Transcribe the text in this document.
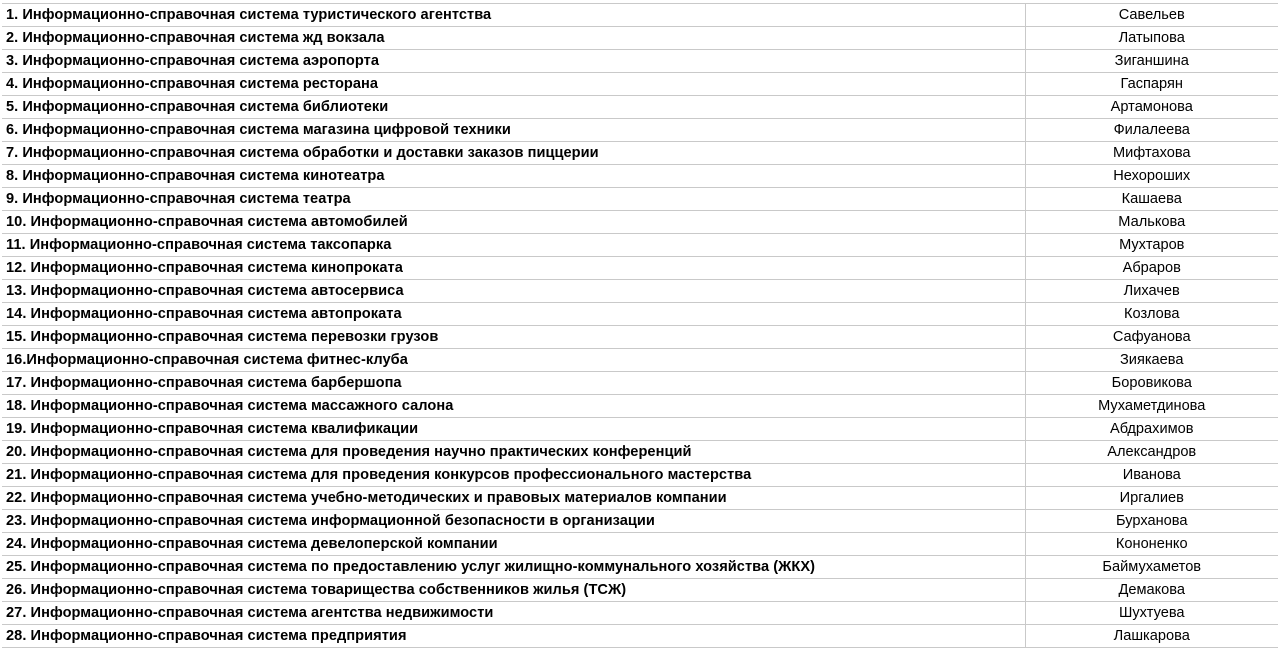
1. Информационно-справочная система туристического агентства	Савельев
2. Информационно-справочная система жд вокзала	Латыпова
3. Информационно-справочная система аэропорта	Зиганшина
4. Информационно-справочная система ресторана	Гаспарян
5. Информационно-справочная система библиотеки	Артамонова
6. Информационно-справочная система магазина цифровой техники	Филалеева
7. Информационно-справочная система обработки и доставки заказов пиццерии	Мифтахова
8. Информационно-справочная система кинотеатра	Нехороших
9. Информационно-справочная система театра	Кашаева
10. Информационно-справочная система автомобилей	Малькова
11. Информационно-справочная система таксопарка	Мухтаров
12. Информационно-справочная система кинопроката	Абраров
13. Информационно-справочная система автосервиса	Лихачев
14. Информационно-справочная система автопроката	Козлова
15. Информационно-справочная система перевозки грузов	Сафуанова
16.Информационно-справочная система фитнес-клуба	Зиякаева
17. Информационно-справочная система барбершопа	Боровикова
18. Информационно-справочная система массажного салона	Мухаметдинова
19. Информационно-справочная система квалификации	Абдрахимов
20. Информационно-справочная система для проведения научно практических конференций	Александров
21. Информационно-справочная система для проведения конкурсов профессионального мастерства	Иванова
22. Информационно-справочная система учебно-методических и правовых материалов компании	Иргалиев
23. Информационно-справочная система информационной безопасности в организации	Бурханова
24. Информационно-справочная система девелоперской компании	Кононенко
25. Информационно-справочная система по предоставлению услуг жилищно-коммунального хозяйства (ЖКХ)	Баймухаметов
26. Информационно-справочная система товарищества собственников жилья (ТСЖ)	Демакова
27. Информационно-справочная система агентства недвижимости	Шухтуева
28. Информационно-справочная система предприятия	Лашкарова
